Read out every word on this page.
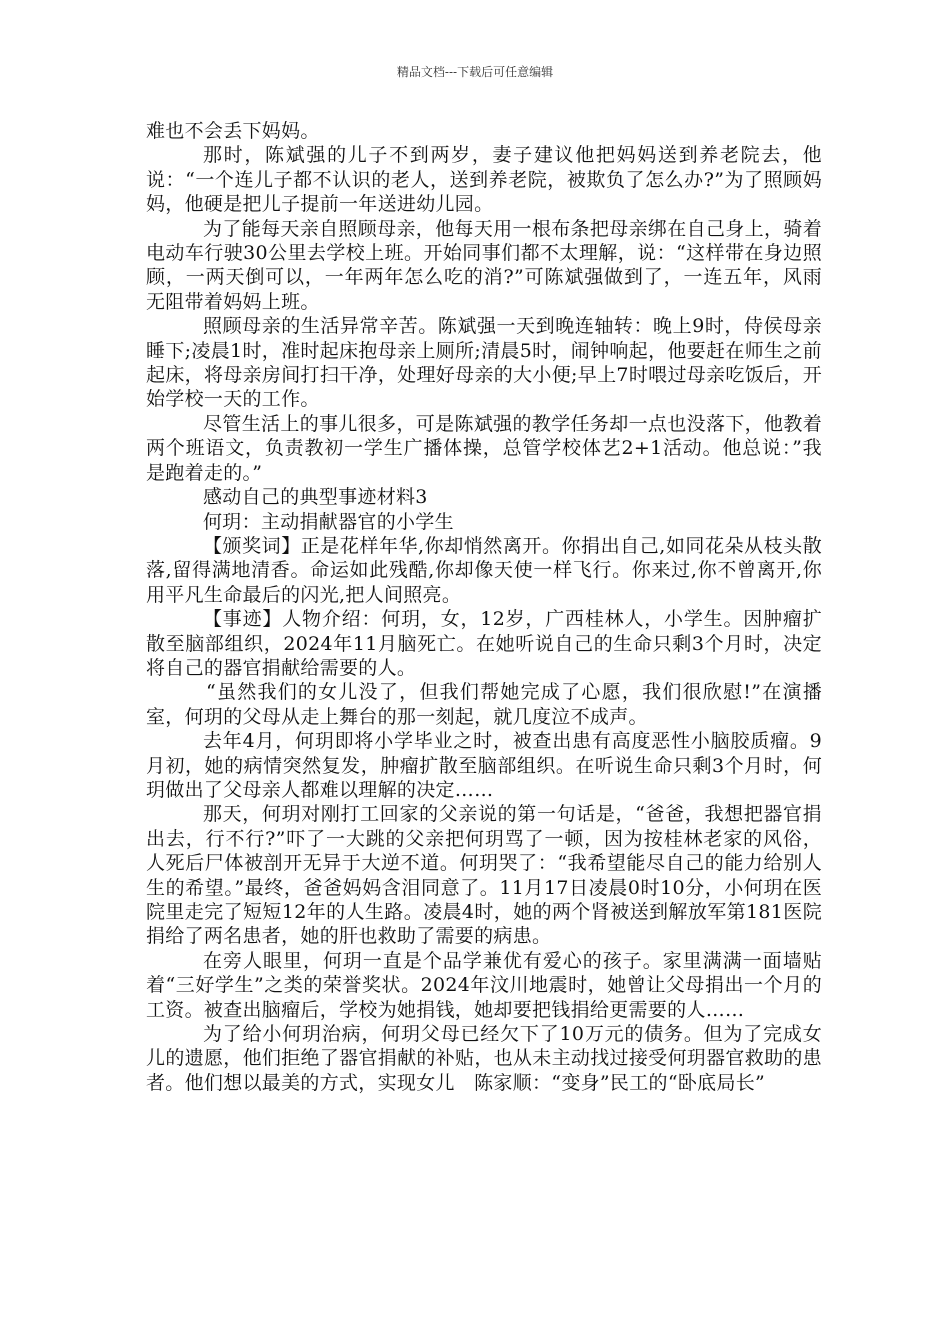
精品文档---下载后可任意编辑

难也不会丢下妈妈。

那时，陈斌强的儿子不到两岁，妻子建议他把妈妈送到养老院去，他说：“一个连儿子都不认识的老人，送到养老院，被欺负了怎么办?”为了照顾妈妈，他硬是把儿子提前一年送进幼儿园。

为了能每天亲自照顾母亲，他每天用一根布条把母亲绑在自己身上，骑着电动车行驶30公里去学校上班。开始同事们都不太理解，说：“这样带在身边照顾，一两天倒可以，一年两年怎么吃的消?”可陈斌强做到了，一连五年，风雨无阻带着妈妈上班。

照顾母亲的生活异常辛苦。陈斌强一天到晚连轴转：晚上9时，侍侯母亲睡下;凌晨1时，准时起床抱母亲上厕所;清晨5时，闹钟响起，他要赶在师生之前起床，将母亲房间打扫干净，处理好母亲的大小便;早上7时喂过母亲吃饭后，开始学校一天的工作。

尽管生活上的事儿很多，可是陈斌强的教学任务却一点也没落下，他教着两个班语文，负责教初一学生广播体操，总管学校体艺2+1活动。他总说：”我是跑着走的。”

感动自己的典型事迹材料3

何玥：主动捐献器官的小学生

【颁奖词】正是花样年华,你却悄然离开。你捐出自己,如同花朵从枝头散落,留得满地清香。命运如此残酷,你却像天使一样飞行。你来过,你不曾离开,你用平凡生命最后的闪光,把人间照亮。

【事迹】人物介绍：何玥，女，12岁，广西桂林人，小学生。因肿瘤扩散至脑部组织，2024年11月脑死亡。在她听说自己的生命只剩3个月时，决定将自己的器官捐献给需要的人。

“虽然我们的女儿没了，但我们帮她完成了心愿，我们很欣慰!”在演播室，何玥的父母从走上舞台的那一刻起，就几度泣不成声。

去年4月，何玥即将小学毕业之时，被查出患有高度恶性小脑胶质瘤。9月初，她的病情突然复发，肿瘤扩散至脑部组织。在听说生命只剩3个月时，何玥做出了父母亲人都难以理解的决定……

那天，何玥对刚打工回家的父亲说的第一句话是，“爸爸，我想把器官捐出去，行不行?”吓了一大跳的父亲把何玥骂了一顿，因为按桂林老家的风俗，人死后尸体被剖开无异于大逆不道。何玥哭了：“我希望能尽自己的能力给别人生的希望。”最终，爸爸妈妈含泪同意了。11月17日凌晨0时10分，小何玥在医院里走完了短短12年的人生路。凌晨4时，她的两个肾被送到解放军第181医院捐给了两名患者，她的肝也救助了需要的病患。

在旁人眼里，何玥一直是个品学兼优有爱心的孩子。家里满满一面墙贴着“三好学生”之类的荣誉奖状。2024年汶川地震时，她曾让父母捐出一个月的工资。被查出脑瘤后，学校为她捐钱，她却要把钱捐给更需要的人……

为了给小何玥治病，何玥父母已经欠下了10万元的债务。但为了完成女儿的遗愿，他们拒绝了器官捐献的补贴，也从未主动找过接受何玥器官救助的患者。他们想以最美的方式，实现女儿　陈家顺：“变身”民工的“卧底局长”
